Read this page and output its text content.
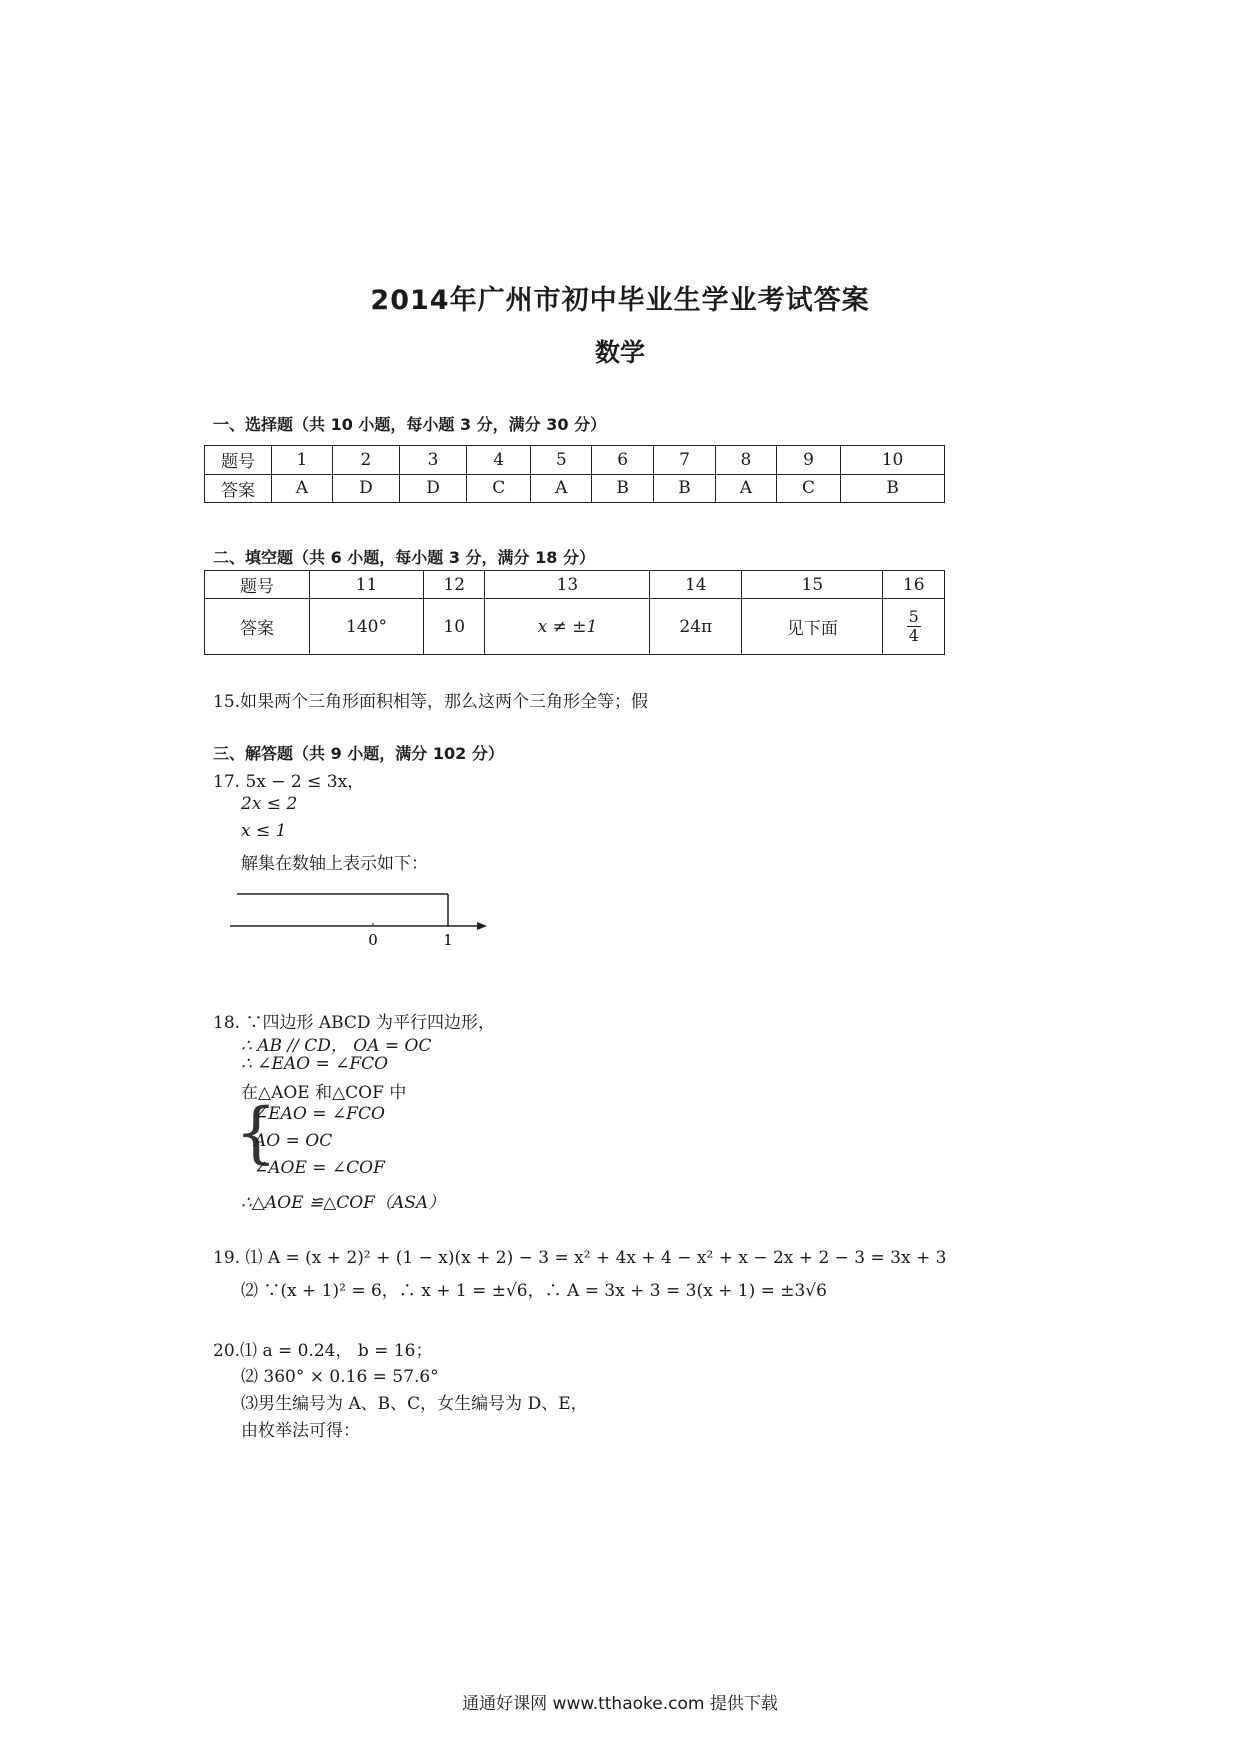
2014年广州市初中毕业生学业考试答案
数学
一、选择题（共 10 小题，每小题 3 分，满分 30 分）
题号	1	2	3	4	5	6	7	8	9	10
答案	A	D	D	C	A	B	B	A	C	B
二、填空题（共 6 小题，每小题 3 分，满分 18 分）
题号	11	12	13	14	15	16
答案	140°	10	x ≠ ±1	24π	见下面	$\frac{5}{4}$
15.如果两个三角形面积相等，那么这两个三角形全等；假
三、解答题（共 9 小题，满分 102 分）
17. 5x − 2 ≤ 3x，
2x ≤ 2
x ≤ 1
解集在数轴上表示如下：
0	1
18. ∵四边形 ABCD 为平行四边形，
∴ AB // CD， OA = OC
∴ ∠EAO = ∠FCO
在△AOE 和△COF 中
{
∠EAO = ∠FCO
AO = OC
∠AOE = ∠COF
∴△AOE ≌△COF（ASA）
19. ⑴ A = (x + 2)² + (1 − x)(x + 2) − 3 = x² + 4x + 4 − x² + x − 2x + 2 − 3 = 3x + 3
⑵ ∵(x + 1)² = 6，∴ x + 1 = ±√6，∴ A = 3x + 3 = 3(x + 1) = ±3√6
20.⑴ a = 0.24， b = 16；
⑵ 360° × 0.16 = 57.6°
⑶男生编号为 A、B、C，女生编号为 D、E，
由枚举法可得：
通通好课网 www.tthaoke.com 提供下载
